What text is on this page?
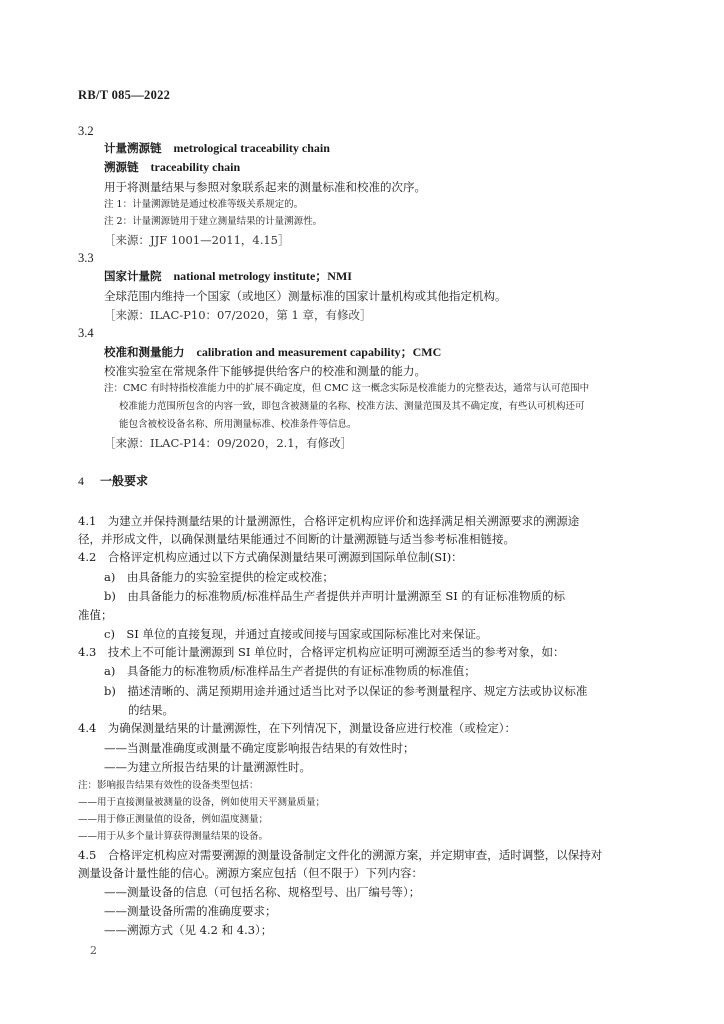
RB/T 085—2022
3.2
计量溯源链 metrological traceability chain
溯源链 traceability chain
用于将测量结果与参照对象联系起来的测量标准和校准的次序。
注 1：计量溯源链是通过校准等级关系规定的。
注 2：计量溯源链用于建立测量结果的计量溯源性。
［来源：JJF 1001—2011，4.15］
3.3
国家计量院 national metrology institute；NMI
全球范围内维持一个国家（或地区）测量标准的国家计量机构或其他指定机构。
［来源：ILAC-P10：07/2020，第 1 章，有修改］
3.4
校准和测量能力 calibration and measurement capability；CMC
校准实验室在常规条件下能够提供给客户的校准和测量的能力。
注：CMC 有时特指校准能力中的扩展不确定度，但 CMC 这一概念实际是校准能力的完整表达，通常与认可范围中
校准能力范围所包含的内容一致，即包含被测量的名称、校准方法、测量范围及其不确定度，有些认可机构还可
能包含被校设备名称、所用测量标准、校准条件等信息。
［来源：ILAC-P14：09/2020，2.1，有修改］
4 一般要求
4.1　为建立并保持测量结果的计量溯源性，合格评定机构应评价和选择满足相关溯源要求的溯源途
径，并形成文件，以确保测量结果能通过不间断的计量溯源链与适当参考标准相链接。
4.2　合格评定机构应通过以下方式确保测量结果可溯源到国际单位制(SI)：
a)　由具备能力的实验室提供的检定或校准；
b)　由具备能力的标准物质/标准样品生产者提供并声明计量溯源至 SI 的有证标准物质的标
准值；
c)　SI 单位的直接复现，并通过直接或间接与国家或国际标准比对来保证。
4.3　技术上不可能计量溯源到 SI 单位时，合格评定机构应证明可溯源至适当的参考对象，如：
a)　具备能力的标准物质/标准样品生产者提供的有证标准物质的标准值；
b)　描述清晰的、满足预期用途并通过适当比对予以保证的参考测量程序、规定方法或协议标准
的结果。
4.4　为确保测量结果的计量溯源性，在下列情况下，测量设备应进行校准（或检定）：
——当测量准确度或测量不确定度影响报告结果的有效性时；
——为建立所报告结果的计量溯源性时。
注：影响报告结果有效性的设备类型包括：
——用于直接测量被测量的设备，例如使用天平测量质量；
——用于修正测量值的设备，例如温度测量；
——用于从多个量计算获得测量结果的设备。
4.5　合格评定机构应对需要溯源的测量设备制定文件化的溯源方案，并定期审查，适时调整，以保持对
测量设备计量性能的信心。溯源方案应包括（但不限于）下列内容：
——测量设备的信息（可包括名称、规格型号、出厂编号等）；
——测量设备所需的准确度要求；
——溯源方式（见 4.2 和 4.3）；
2
